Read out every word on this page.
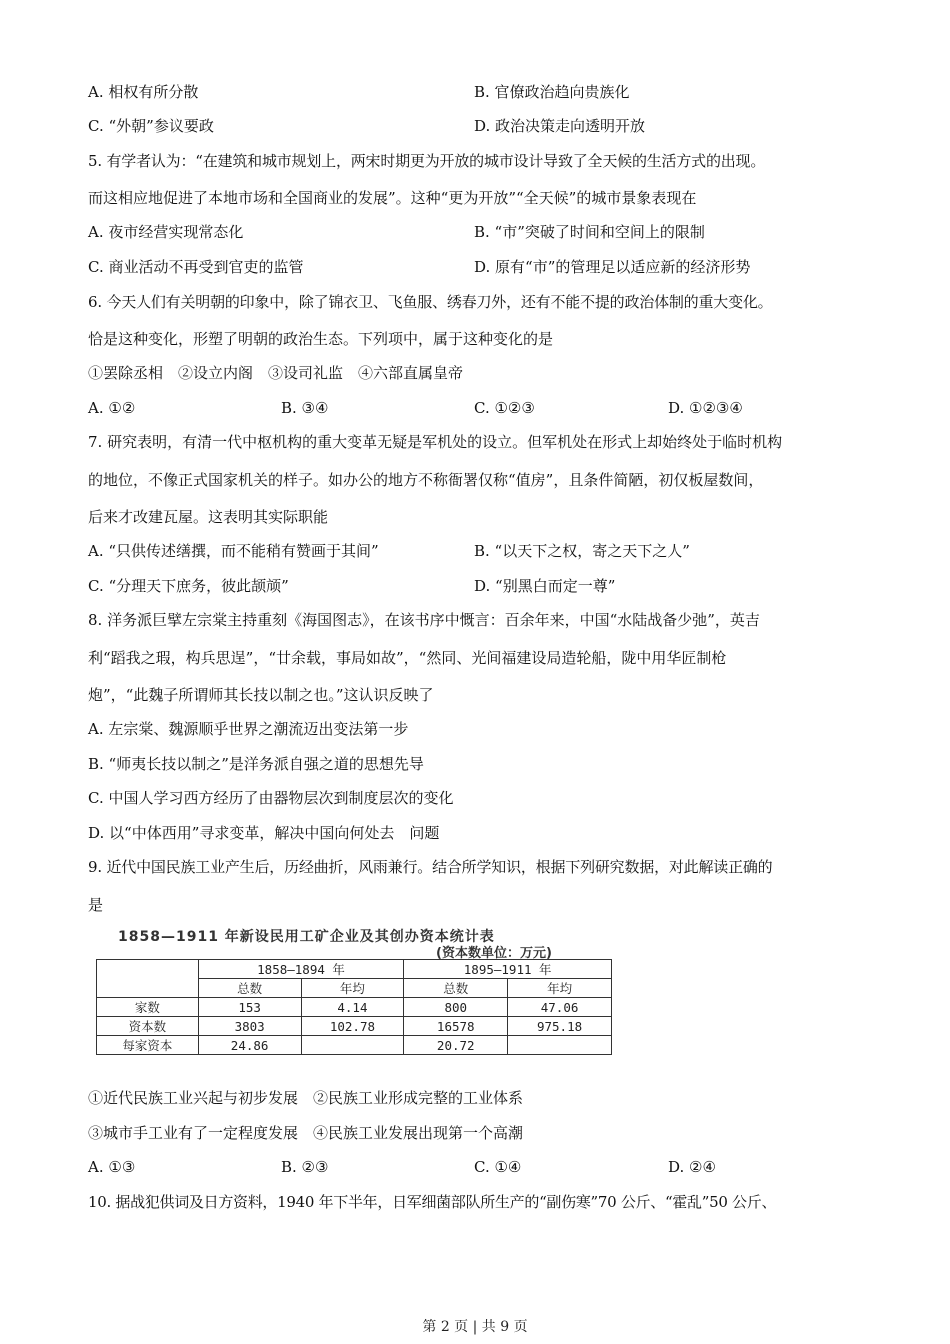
A. 相权有所分散	B. 官僚政治趋向贵族化
C. “外朝”参议要政	D. 政治决策走向透明开放
5. 有学者认为：“在建筑和城市规划上，两宋时期更为开放的城市设计导致了全天候的生活方式的出现。
而这相应地促进了本地市场和全国商业的发展”。这种“更为开放”“全天候”的城市景象表现在
A. 夜市经营实现常态化	B. “市”突破了时间和空间上的限制
C. 商业活动不再受到官吏的监管	D. 原有“市”的管理足以适应新的经济形势
6. 今天人们有关明朝的印象中，除了锦衣卫、飞鱼服、绣春刀外，还有不能不提的政治体制的重大变化。
恰是这种变化，形塑了明朝的政治生态。下列项中，属于这种变化的是
①罢除丞相　②设立内阁　③设司礼监　④六部直属皇帝
A. ①②	B. ③④	C. ①②③	D. ①②③④
7. 研究表明，有清一代中枢机构的重大变革无疑是军机处的设立。但军机处在形式上却始终处于临时机构
的地位，不像正式国家机关的样子。如办公的地方不称衙署仅称“值房”，且条件简陋，初仅板屋数间，
后来才改建瓦屋。这表明其实际职能
A. “只供传述缮撰，而不能稍有赞画于其间”	B. “以天下之权，寄之天下之人”
C. “分理天下庶务，彼此颉颃”	D. “别黑白而定一尊”
8. 洋务派巨擘左宗棠主持重刻《海国图志》，在该书序中慨言：百余年来，中国“水陆战备少弛”，英吉
利“蹈我之瑕，构兵思逞”，“廿余载，事局如故”，“然同、光间福建设局造轮船，陇中用华匠制枪
炮”，“此魏子所谓师其长技以制之也。”这认识反映了
A. 左宗棠、魏源顺乎世界之潮流迈出变法第一步
B. “师夷长技以制之”是洋务派自强之道的思想先导
C. 中国人学习西方经历了由器物层次到制度层次的变化
D. 以“中体西用”寻求变革，解决中国向何处去　问题
9. 近代中国民族工业产生后，历经曲折，风雨兼行。结合所学知识，根据下列研究数据，对此解读正确的
是
1858—1911 年新设民用工矿企业及其创办资本统计表
(资本数单位：万元)
	1858—1894 年		1895—1911 年	
	总数	年均	总数	年均
家数	153	4.14	800	47.06
资本数	3803	102.78	16578	975.18
每家资本	24.86		20.72	
①近代民族工业兴起与初步发展　②民族工业形成完整的工业体系
③城市手工业有了一定程度发展　④民族工业发展出现第一个高潮
A. ①③	B. ②③	C. ①④	D. ②④
10. 据战犯供词及日方资料，1940 年下半年，日军细菌部队所生产的“副伤寒”70 公斤、“霍乱”50 公斤、
第 2 页 | 共 9 页
